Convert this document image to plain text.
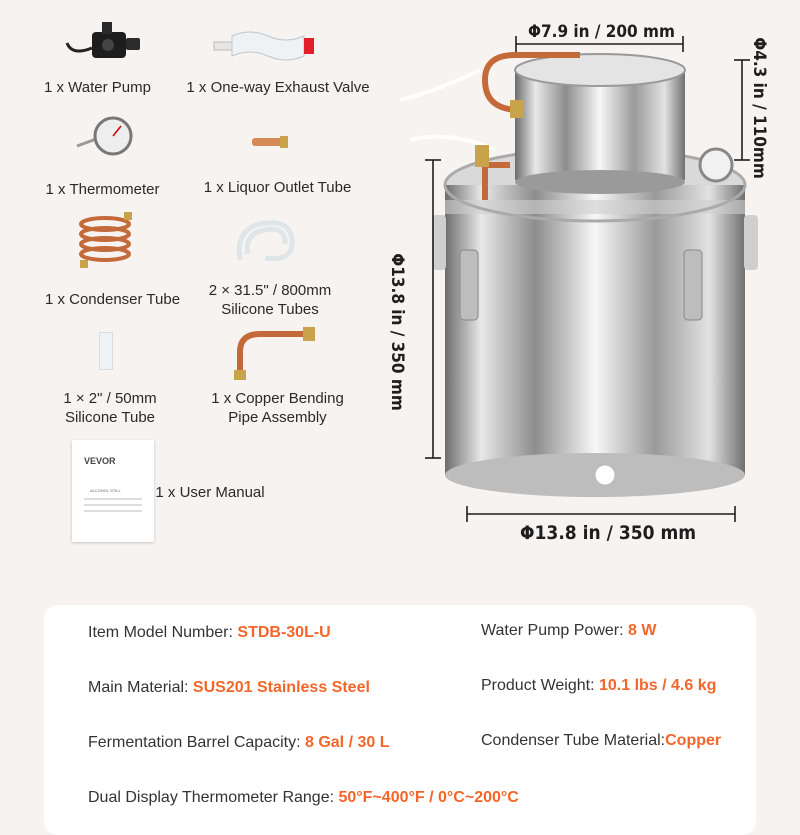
1 x Water Pump	1 x One-way Exhaust Valve
1 x Thermometer	1 x Liquor Outlet Tube
1 x Condenser Tube
2 × 31.5" / 800mm
Silicone Tubes
1 × 2" / 50mm
Silicone Tube
1 x Copper Bending
Pipe Assembly
VEVOR
ALCOHOL STILL	1 x User Manual
Φ7.9 in / 200 mm
Φ4.3 in / 110mm
Φ13.8 in / 350 mm
Φ13.8 in / 350 mm
Item Model Number: STDB-30L-U	Water Pump Power: 8 W
Main Material: SUS201 Stainless Steel	Product Weight: 10.1 lbs / 4.6 kg
Fermentation Barrel Capacity: 8 Gal / 30 L	Condenser Tube Material:Copper
Dual Display Thermometer Range: 50°F~400°F / 0°C~200°C
